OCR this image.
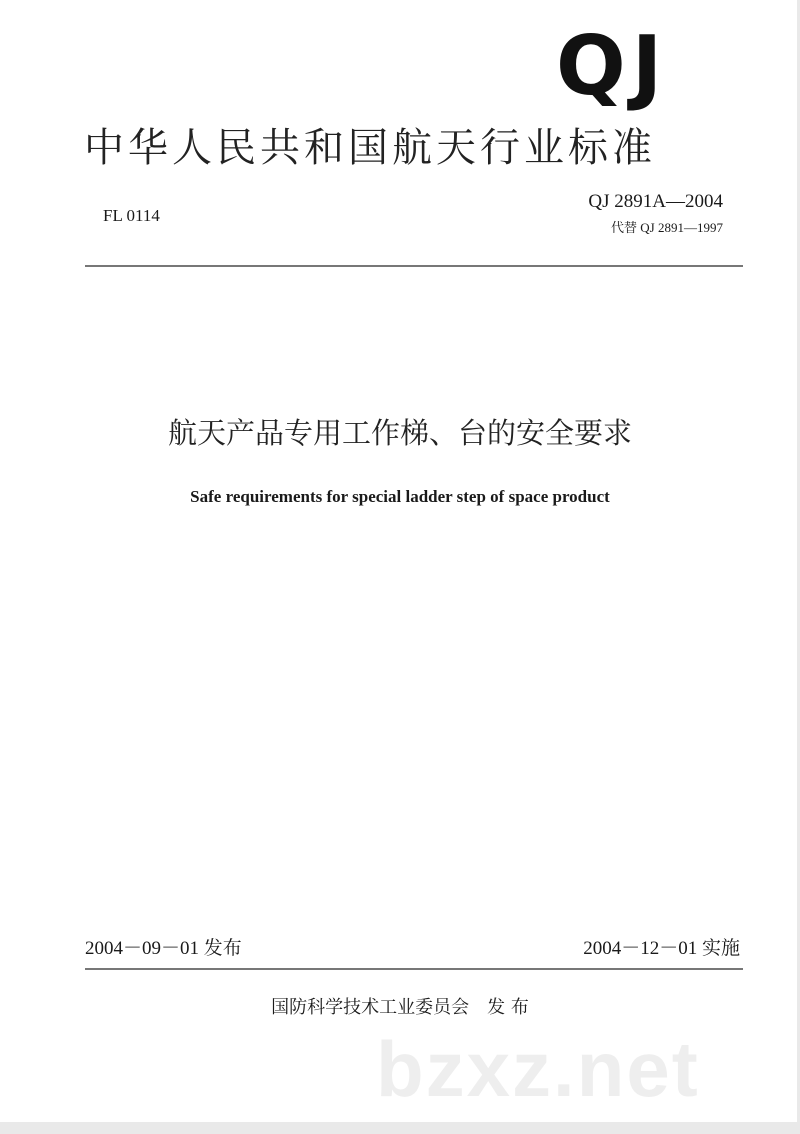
bzxz.net
QJ
中华人民共和国航天行业标准
FL 0114
QJ 2891A—2004
代替 QJ 2891—1997
航天产品专用工作梯、台的安全要求
Safe requirements for special ladder step of space product
2004－09－01 发布	2004－12－01 实施
国防科学技术工业委员会　发 布
